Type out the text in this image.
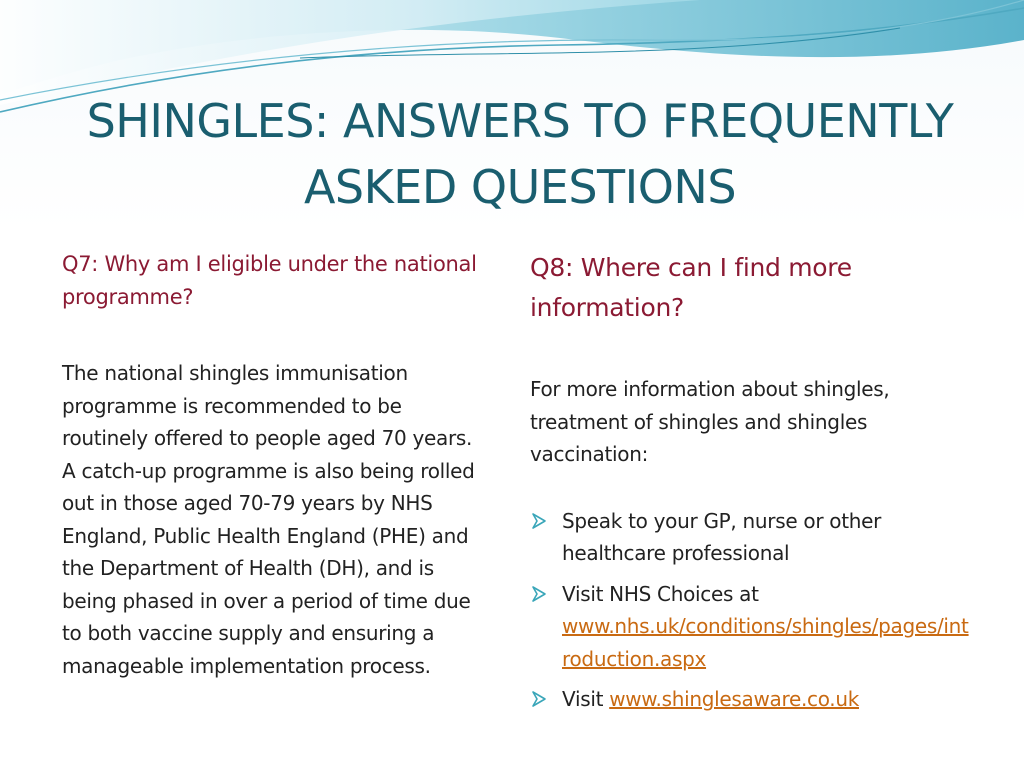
SHINGLES: ANSWERS TO FREQUENTLY ASKED QUESTIONS

Q7: Why am I eligible under the national programme?

The national shingles immunisation programme is recommended to be routinely offered to people aged 70 years. A catch-up programme is also being rolled out in those aged 70-79 years by NHS England, Public Health England (PHE) and the Department of Health (DH), and is being phased in over a period of time due to both vaccine supply and ensuring a manageable implementation process.

Q8: Where can I find more information?

For more information about shingles, treatment of shingles and shingles vaccination:

Speak to your GP, nurse or other healthcare professional
Visit NHS Choices at
www.nhs.uk/conditions/shingles/pages/introduction.aspx
Visit www.shinglesaware.co.uk
